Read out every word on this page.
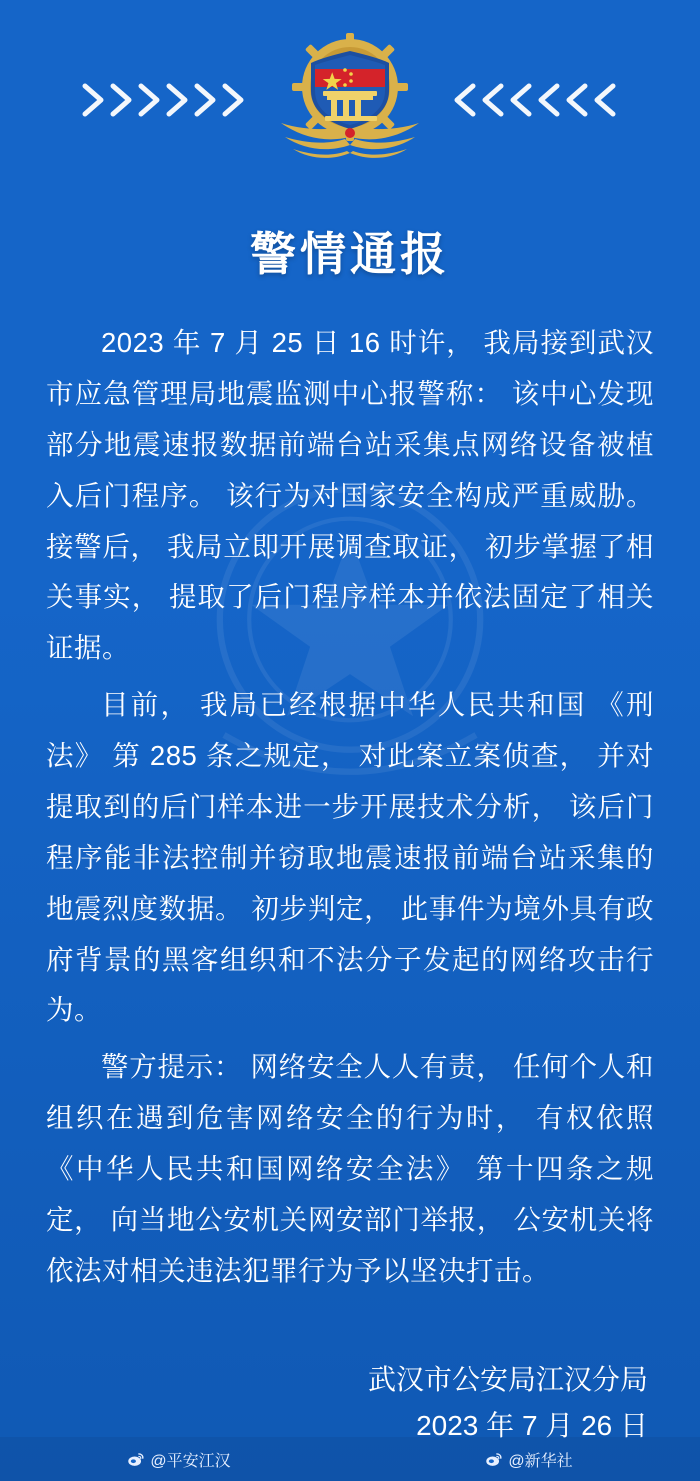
警情通报

2023 年 7 月 25 日 16 时许， 我局接到武汉市应急管理局地震监测中心报警称： 该中心发现部分地震速报数据前端台站采集点网络设备被植入后门程序。 该行为对国家安全构成严重威胁。 接警后， 我局立即开展调查取证， 初步掌握了相关事实， 提取了后门程序样本并依法固定了相关证据。

目前， 我局已经根据中华人民共和国 《刑法》 第 285 条之规定， 对此案立案侦查， 并对提取到的后门样本进一步开展技术分析， 该后门程序能非法控制并窃取地震速报前端台站采集的地震烈度数据。 初步判定， 此事件为境外具有政府背景的黑客组织和不法分子发起的网络攻击行为。

警方提示： 网络安全人人有责， 任何个人和组织在遇到危害网络安全的行为时， 有权依照 《中华人民共和国网络安全法》 第十四条之规定， 向当地公安机关网安部门举报， 公安机关将依法对相关违法犯罪行为予以坚决打击。

武汉市公安局江汉分局
2023 年 7 月 26 日
@平安江汉	@新华社
